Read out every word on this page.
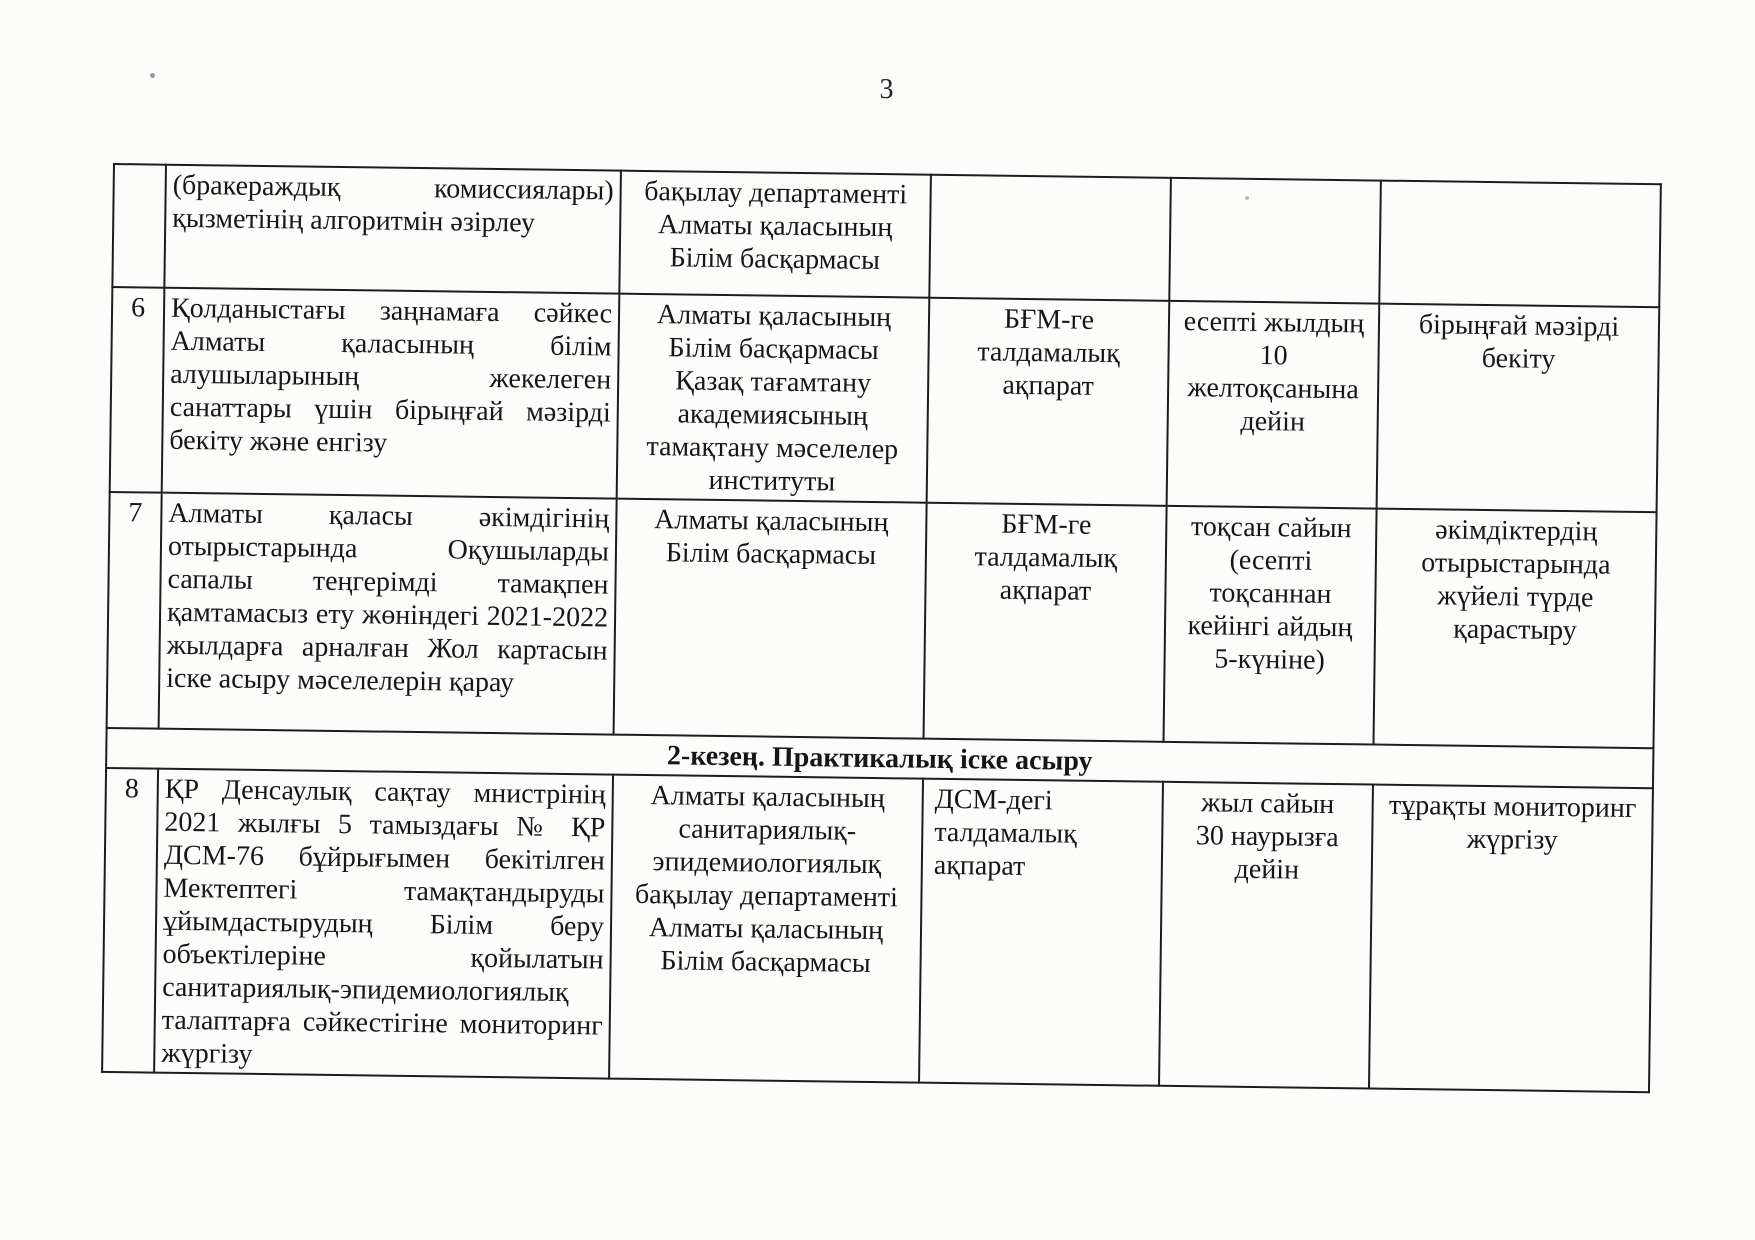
3
	(бракераждық комиссиялары) қызметінің алгоритмін әзірлеу	бақылау департаменті
Алматы қаласының
Білім басқармасы			
6	Қолданыстағы заңнамаға сәйкес Алматы қаласының білім алушыларының жекелеген санаттары үшін бірыңғай мәзірді бекіту және енгізу	Алматы қаласының
Білім басқармасы
Қазақ тағамтану
академиясының
тамақтану мәселелер
институты	БҒМ-ге
талдамалық
ақпарат	есепті жылдың
10
желтоқсанына
дейін	бірыңғай мәзірді
бекіту
7	Алматы қаласы әкімдігінің отырыстарында Оқушыларды сапалы теңгерімді тамақпен қамтамасыз ету жөніндегі 2021-2022 жылдарға арналған Жол картасын іске асыру мәселелерін қарау	Алматы қаласының
Білім басқармасы	БҒМ-ге
талдамалық
ақпарат	тоқсан сайын
(есепті
тоқсаннан
кейінгі айдың
5-күніне)	әкімдіктердің
отырыстарында
жүйелі түрде
қарастыру
2-кезең. Практикалық іске асыру					
8	ҚР Денсаулық сақтау мнистрінің 2021 жылғы 5 тамыздағы № ҚР ДСМ-76 бұйрығымен бекітілген Мектептегі тамақтандыруды ұйымдастырудың Білім беру объектілеріне қойылатын санитариялық-эпидемиологиялық талаптарға сәйкестігіне мониторинг жүргізу	Алматы қаласының
санитариялық-
эпидемиологиялық
бақылау департаменті
Алматы қаласының
Білім басқармасы	ДСМ-дегі
талдамалық
ақпарат	жыл сайын
30 наурызға
дейін	тұрақты мониторинг
жүргізу
